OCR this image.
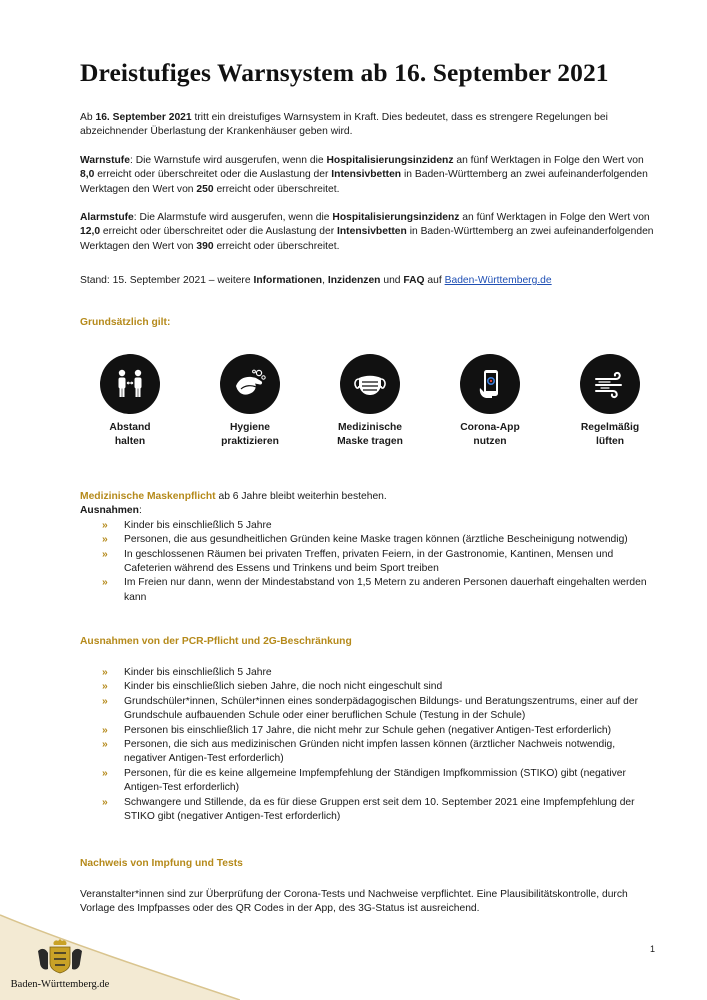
Dreistufiges Warnsystem ab 16. September 2021

Ab 16. September 2021 tritt ein dreistufiges Warnsystem in Kraft. Dies bedeutet, dass es strengere Regelungen bei abzeichnender Überlastung der Krankenhäuser geben wird.

Warnstufe: Die Warnstufe wird ausgerufen, wenn die Hospitalisierungsinzidenz an fünf Werktagen in Folge den Wert von 8,0 erreicht oder überschreitet oder die Auslastung der Intensivbetten in Baden-Württemberg an zwei aufeinanderfolgenden Werktagen den Wert von 250 erreicht oder überschreitet.

Alarmstufe: Die Alarmstufe wird ausgerufen, wenn die Hospitalisierungsinzidenz an fünf Werktagen in Folge den Wert von 12,0 erreicht oder überschreitet oder die Auslastung der Intensivbetten in Baden-Württemberg an zwei aufeinanderfolgenden Werktagen den Wert von 390 erreicht oder überschreitet.

Stand: 15. September 2021 – weitere Informationen, Inzidenzen und FAQ auf Baden-Württemberg.de

Grundsätzlich gilt:

Abstand
halten
Hygiene
praktizieren
Medizinische
Maske tragen
Corona-App
nutzen
Regelmäßig
lüften
Medizinische Maskenpflicht ab 6 Jahre bleibt weiterhin bestehen.
Ausnahmen:
» Kinder bis einschließlich 5 Jahre
» Personen, die aus gesundheitlichen Gründen keine Maske tragen können (ärztliche Bescheinigung notwendig)
» In geschlossenen Räumen bei privaten Treffen, privaten Feiern, in der Gastronomie, Kantinen, Mensen und Cafeterien während des Essens und Trinkens und beim Sport treiben
» Im Freien nur dann, wenn der Mindestabstand von 1,5 Metern zu anderen Personen dauerhaft eingehalten werden kann

Ausnahmen von der PCR-Pflicht und 2G-Beschränkung

» Kinder bis einschließlich 5 Jahre
» Kinder bis einschließlich sieben Jahre, die noch nicht eingeschult sind
» Grundschüler*innen, Schüler*innen eines sonderpädagogischen Bildungs- und Beratungszentrums, einer auf der Grundschule aufbauenden Schule oder einer beruflichen Schule (Testung in der Schule)
» Personen bis einschließlich 17 Jahre, die nicht mehr zur Schule gehen (negativer Antigen-Test erforderlich)
» Personen, die sich aus medizinischen Gründen nicht impfen lassen können (ärztlicher Nachweis notwendig, negativer Antigen-Test erforderlich)
» Personen, für die es keine allgemeine Impfempfehlung der Ständigen Impfkommission (STIKO) gibt (negativer Antigen-Test erforderlich)
» Schwangere und Stillende, da es für diese Gruppen erst seit dem 10. September 2021 eine Impfempfehlung der STIKO gibt (negativer Antigen-Test erforderlich)

Nachweis von Impfung und Tests

Veranstalter*innen sind zur Überprüfung der Corona-Tests und Nachweise verpflichtet. Eine Plausibilitätskontrolle, durch Vorlage des Impfpasses oder des QR Codes in der App, des 3G-Status ist ausreichend.

1
Baden-Württemberg.de
